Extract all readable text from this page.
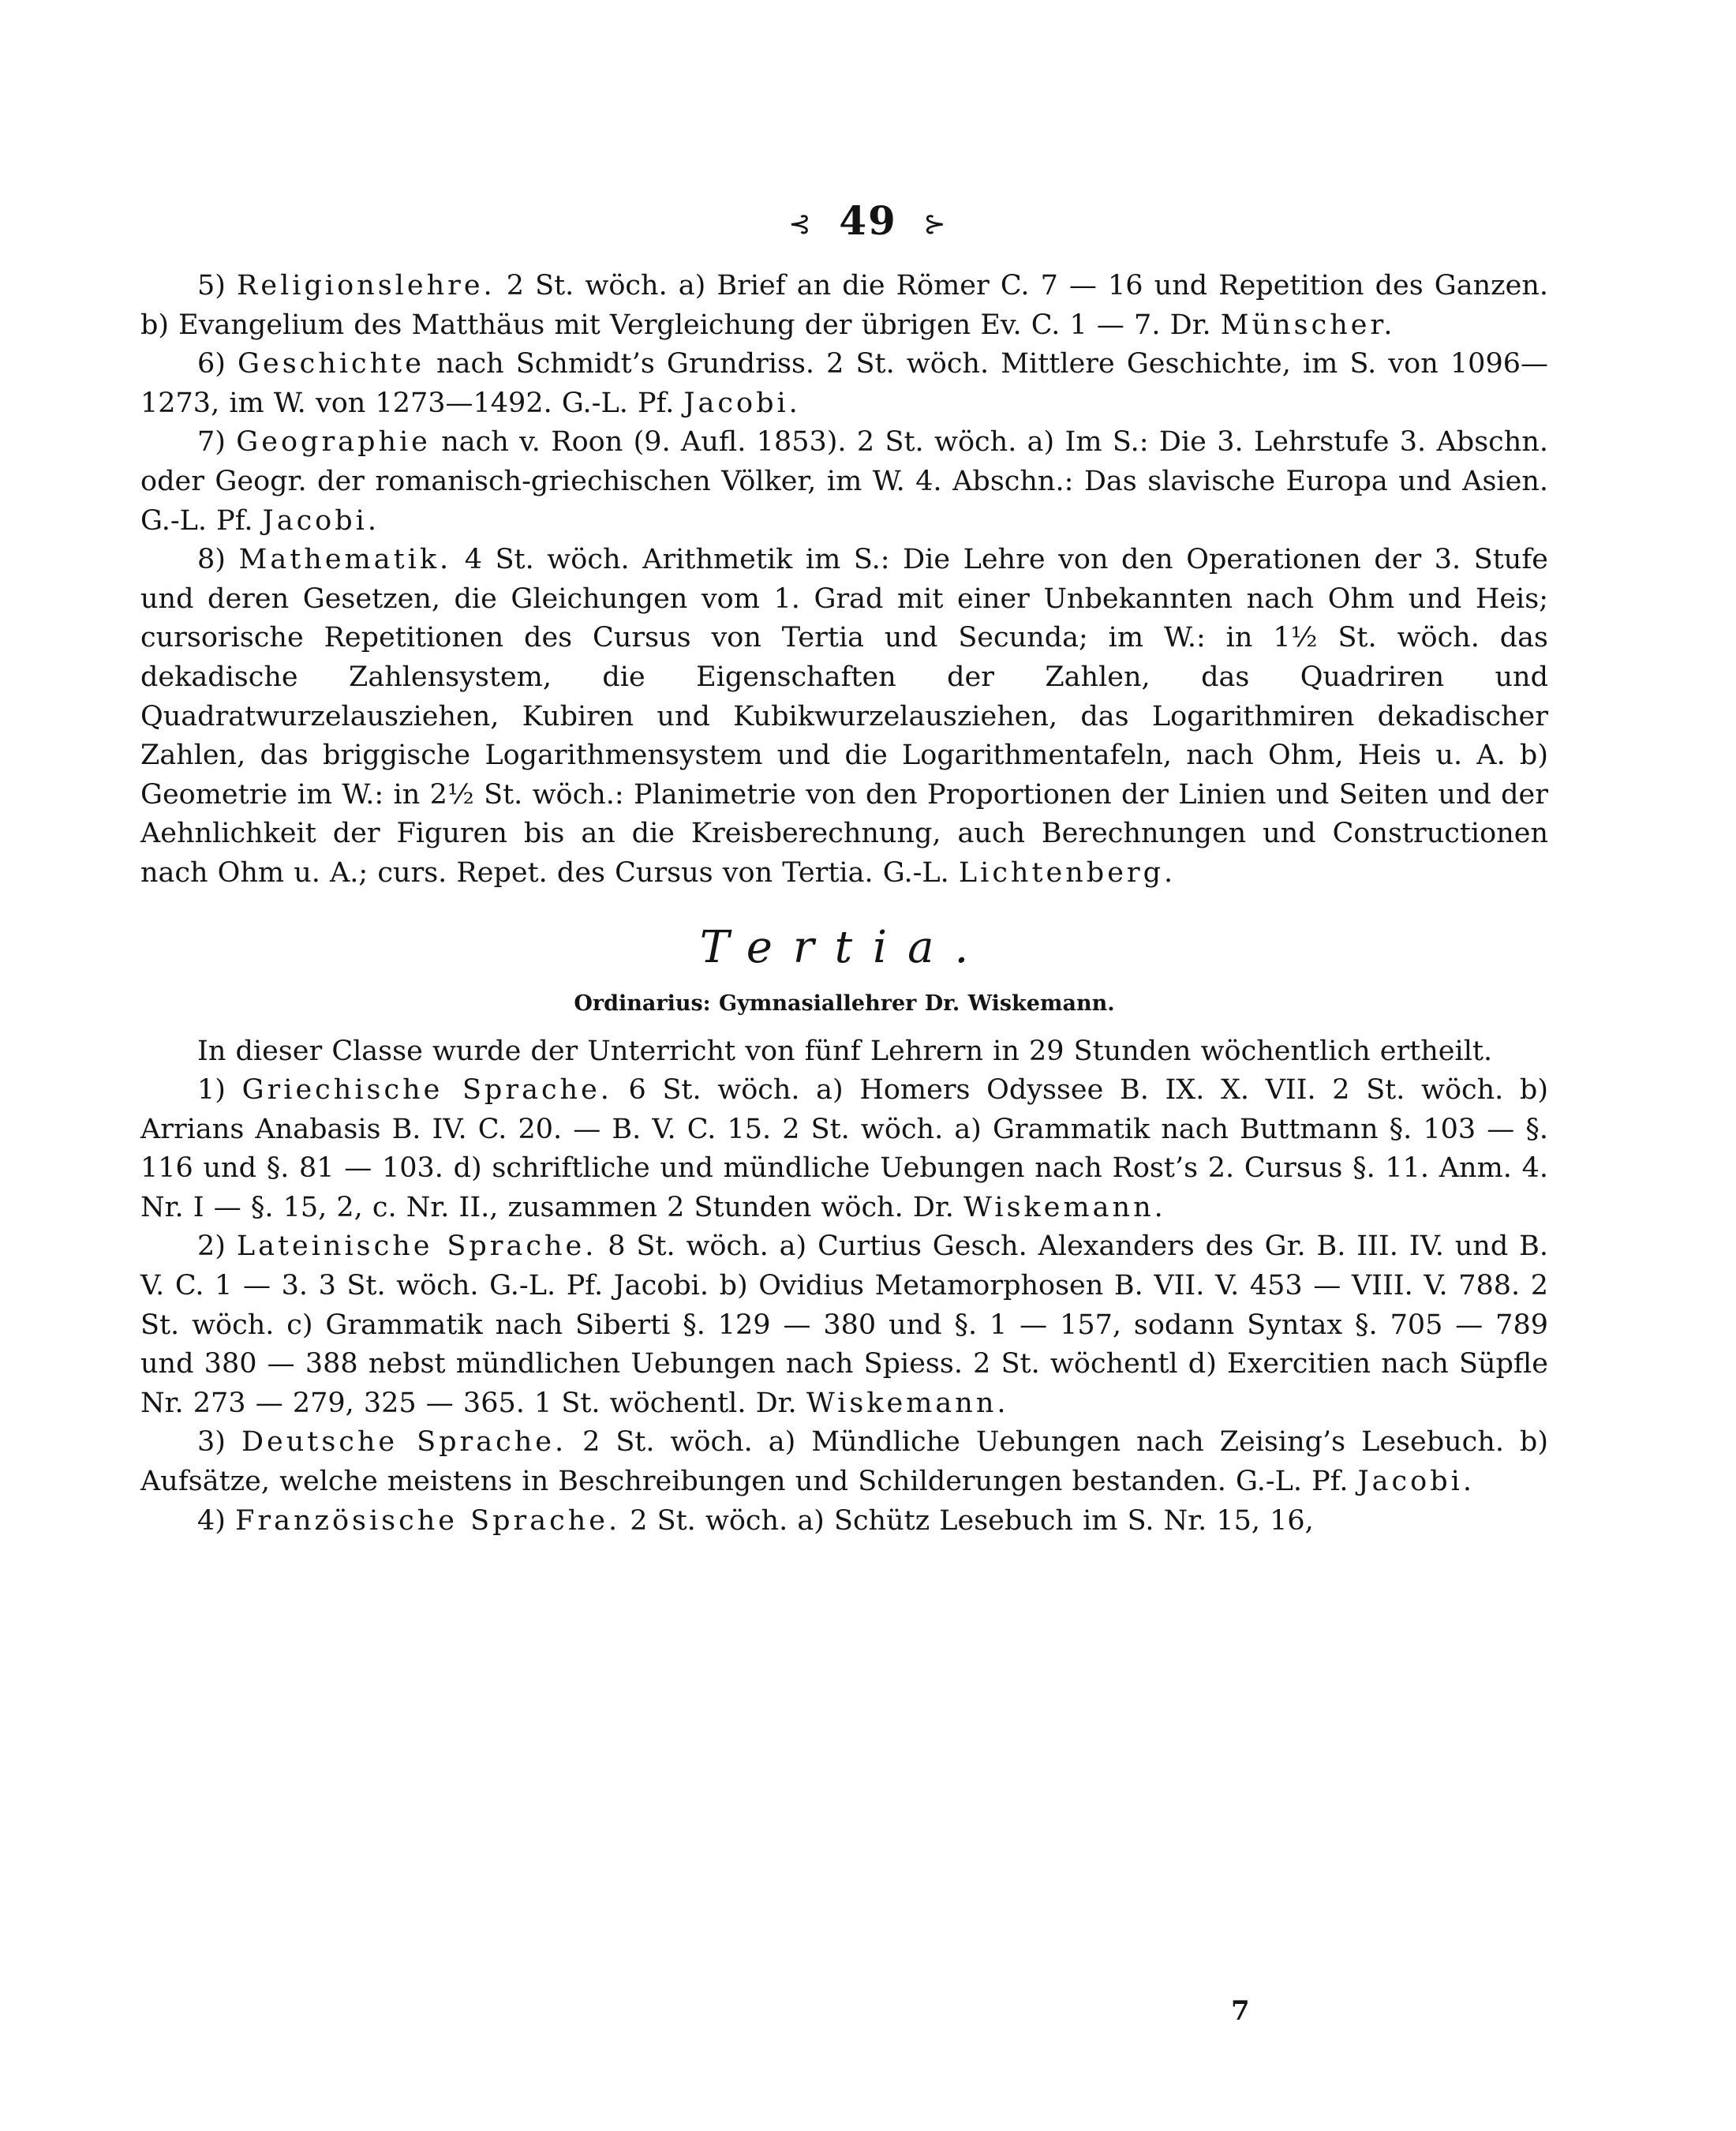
⊰ 49 ⊱

5) Religionslehre. 2 St. wöch. a) Brief an die Römer C. 7 — 16 und Repetition des Ganzen. b) Evangelium des Matthäus mit Vergleichung der übrigen Ev. C. 1 — 7. Dr. Münscher.

6) Geschichte nach Schmidt’s Grundriss. 2 St. wöch. Mittlere Geschichte, im S. von 1096—1273, im W. von 1273—1492. G.-L. Pf. Jacobi.

7) Geographie nach v. Roon (9. Aufl. 1853). 2 St. wöch. a) Im S.: Die 3. Lehrstufe 3. Abschn. oder Geogr. der romanisch-griechischen Völker, im W. 4. Abschn.: Das slavische Europa und Asien. G.-L. Pf. Jacobi.

8) Mathematik. 4 St. wöch. Arithmetik im S.: Die Lehre von den Operationen der 3. Stufe und deren Gesetzen, die Gleichungen vom 1. Grad mit einer Unbekannten nach Ohm und Heis; cursorische Repetitionen des Cursus von Tertia und Secunda; im W.: in 1½ St. wöch. das dekadische Zahlensystem, die Eigenschaften der Zahlen, das Quadriren und Quadratwurzelausziehen, Kubiren und Kubikwurzelausziehen, das Logarithmiren dekadischer Zahlen, das briggische Logarithmensystem und die Logarithmentafeln, nach Ohm, Heis u. A. b) Geometrie im W.: in 2½ St. wöch.: Planimetrie von den Proportionen der Linien und Seiten und der Aehnlichkeit der Figuren bis an die Kreisberechnung, auch Berechnungen und Constructionen nach Ohm u. A.; curs. Repet. des Cursus von Tertia. G.-L. Lichtenberg.

Tertia.
Ordinarius: Gymnasiallehrer Dr. Wiskemann.

In dieser Classe wurde der Unterricht von fünf Lehrern in 29 Stunden wöchentlich ertheilt.

1) Griechische Sprache. 6 St. wöch. a) Homers Odyssee B. IX. X. VII. 2 St. wöch. b) Arrians Anabasis B. IV. C. 20. — B. V. C. 15. 2 St. wöch. a) Grammatik nach Buttmann §. 103 — §. 116 und §. 81 — 103. d) schriftliche und mündliche Uebungen nach Rost’s 2. Cursus §. 11. Anm. 4. Nr. I — §. 15, 2, c. Nr. II., zusammen 2 Stunden wöch. Dr. Wiskemann.

2) Lateinische Sprache. 8 St. wöch. a) Curtius Gesch. Alexanders des Gr. B. III. IV. und B. V. C. 1 — 3. 3 St. wöch. G.-L. Pf. Jacobi. b) Ovidius Metamorphosen B. VII. V. 453 — VIII. V. 788. 2 St. wöch. c) Grammatik nach Siberti §. 129 — 380 und §. 1 — 157, sodann Syntax §. 705 — 789 und 380 — 388 nebst mündlichen Uebungen nach Spiess. 2 St. wöchentl d) Exercitien nach Süpfle Nr. 273 — 279, 325 — 365. 1 St. wöchentl. Dr. Wiskemann.

3) Deutsche Sprache. 2 St. wöch. a) Mündliche Uebungen nach Zeising’s Lesebuch. b) Aufsätze, welche meistens in Beschreibungen und Schilderungen bestanden. G.-L. Pf. Jacobi.

4) Französische Sprache. 2 St. wöch. a) Schütz Lesebuch im S. Nr. 15, 16,

7
